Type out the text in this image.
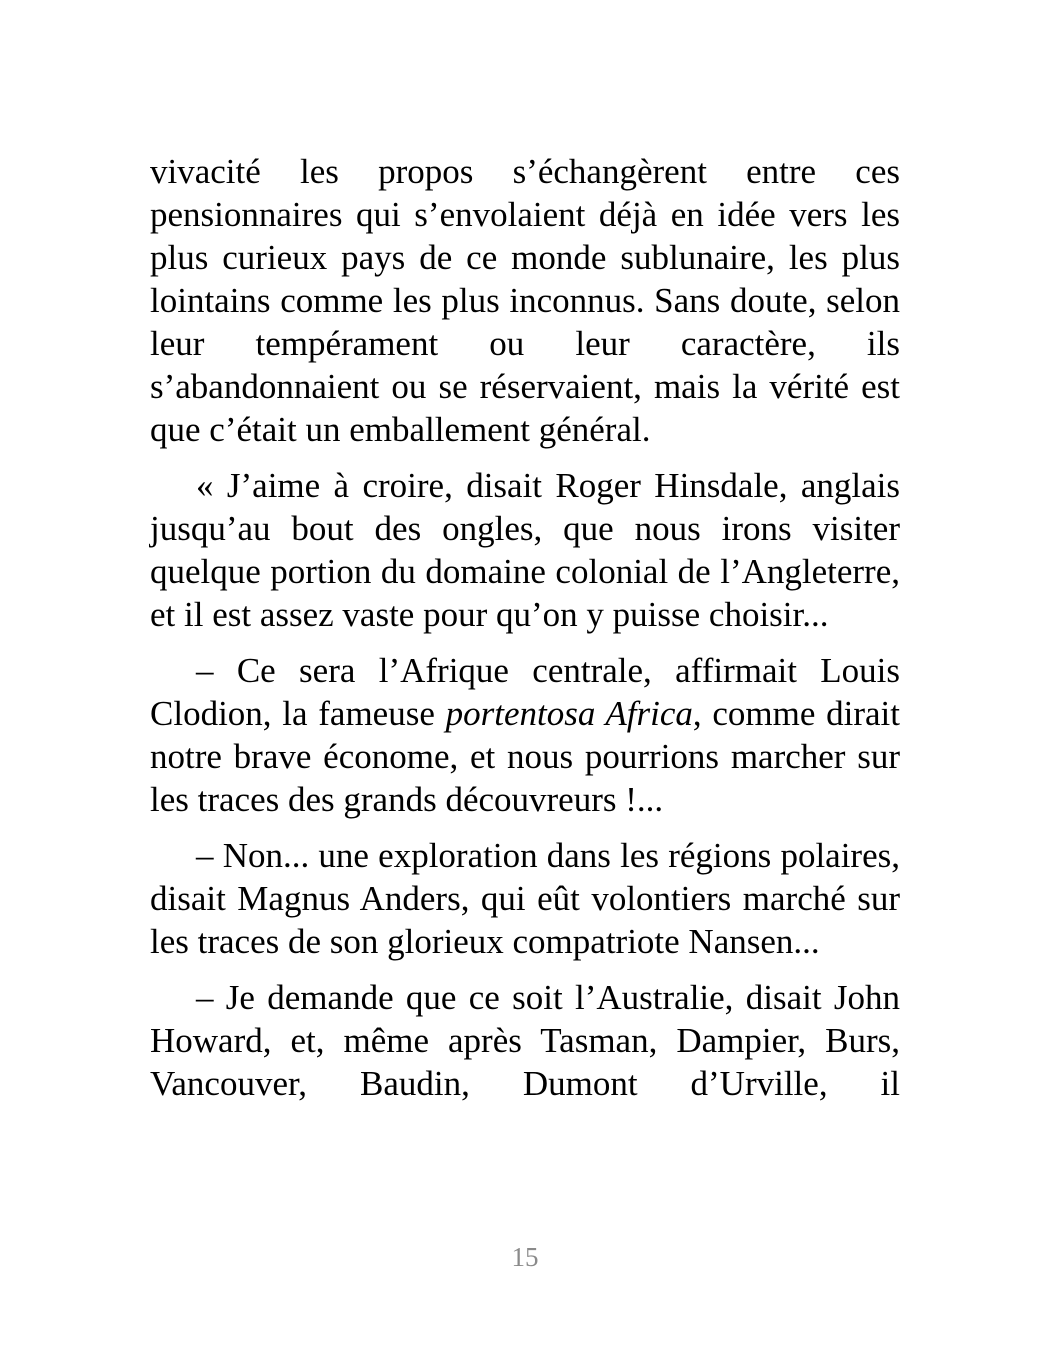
vivacité les propos s’échangèrent entre ces pensionnaires qui s’envolaient déjà en idée vers les plus curieux pays de ce monde sublunaire, les plus lointains comme les plus inconnus. Sans doute, selon leur tempérament ou leur caractère, ils s’abandonnaient ou se réservaient, mais la vérité est que c’était un emballement général.

« J’aime à croire, disait Roger Hinsdale, anglais jusqu’au bout des ongles, que nous irons visiter quelque portion du domaine colonial de l’Angleterre, et il est assez vaste pour qu’on y puisse choisir...

– Ce sera l’Afrique centrale, affirmait Louis Clodion, la fameuse portentosa Africa, comme dirait notre brave économe, et nous pourrions marcher sur les traces des grands découvreurs !...

– Non... une exploration dans les régions polaires, disait Magnus Anders, qui eût volontiers marché sur les traces de son glorieux compatriote Nansen...

– Je demande que ce soit l’Australie, disait John Howard, et, même après Tasman, Dampier, Burs, Vancouver, Baudin, Dumont d’Urville, il

15
